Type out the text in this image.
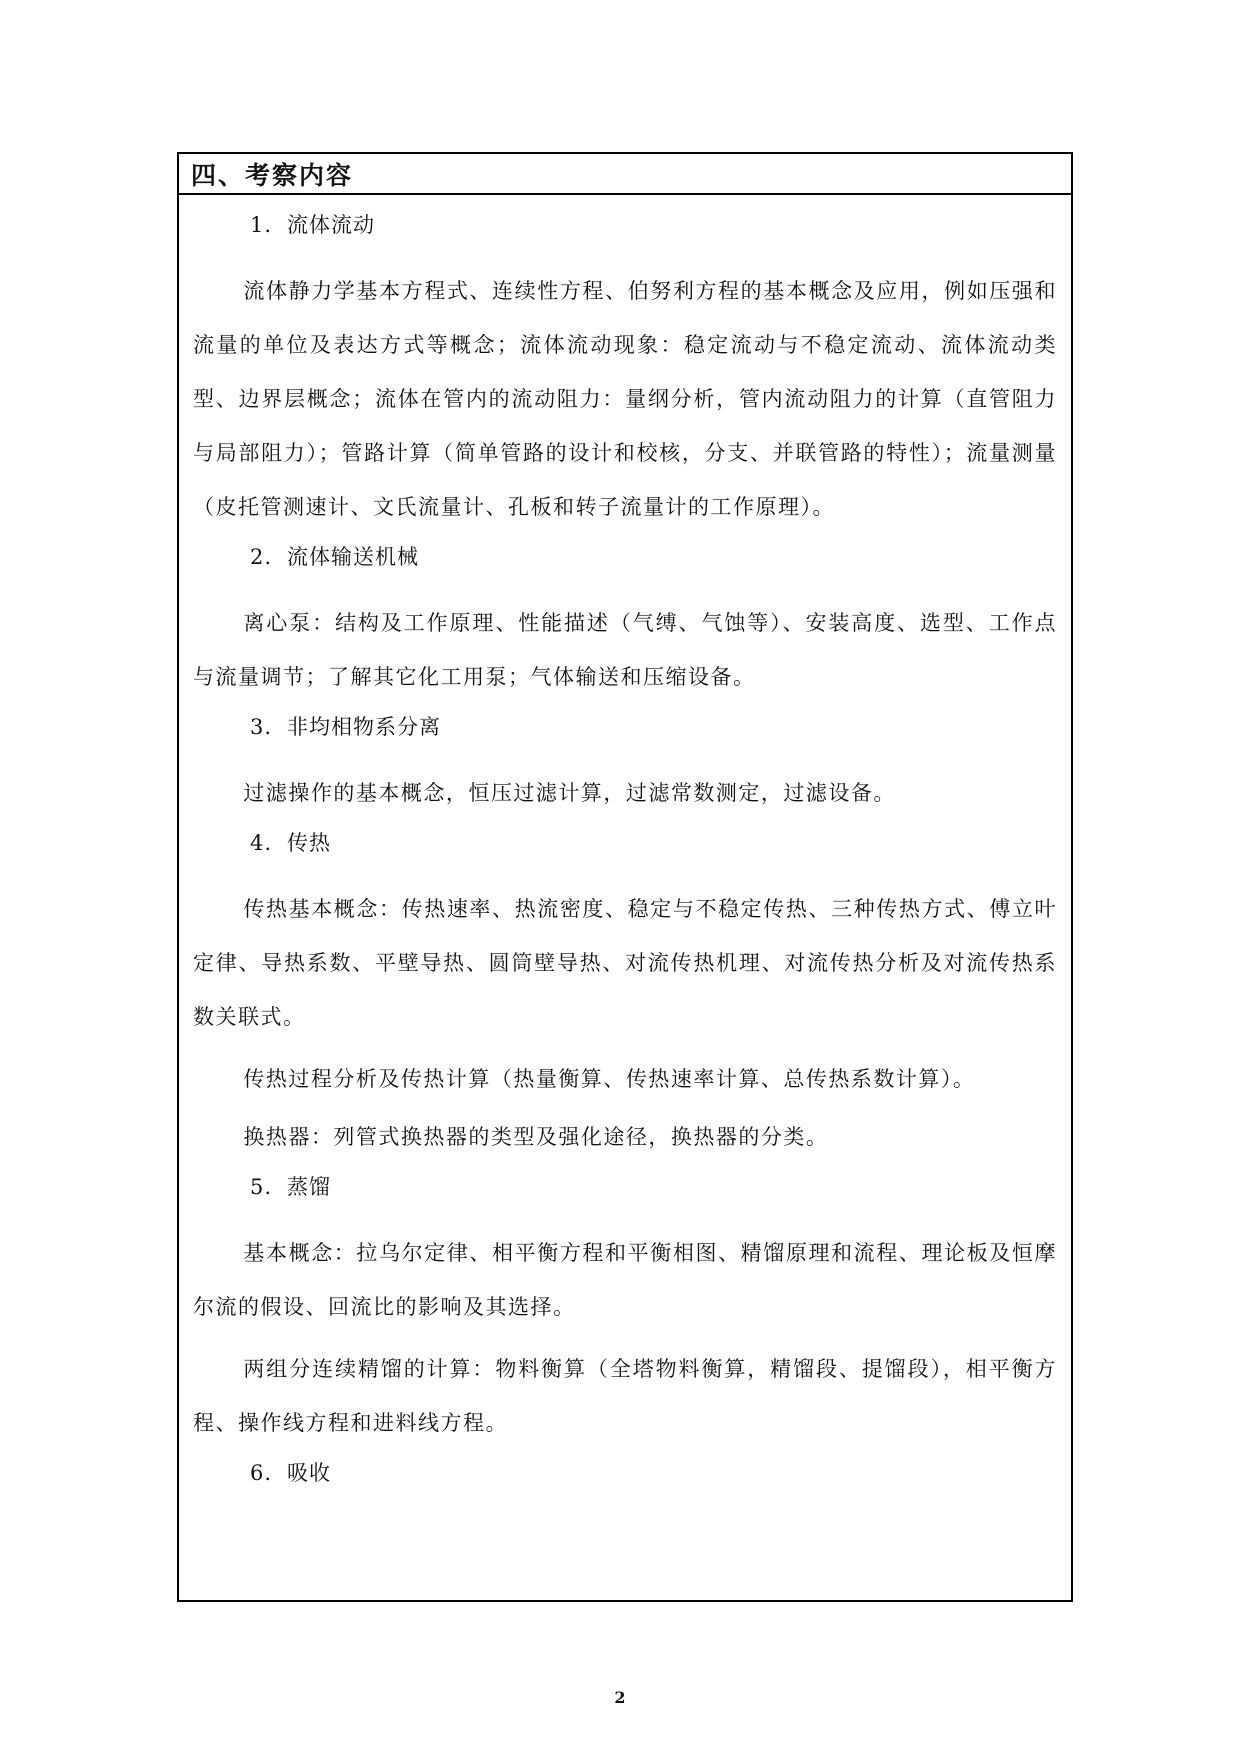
四、考察内容
1. 流体流动

流体静力学基本方程式、连续性方程、伯努利方程的基本概念及应用，例如压强和流量的单位及表达方式等概念；流体流动现象：稳定流动与不稳定流动、流体流动类型、边界层概念；流体在管内的流动阻力：量纲分析，管内流动阻力的计算（直管阻力与局部阻力）；管路计算（简单管路的设计和校核，分支、并联管路的特性）；流量测量（皮托管测速计、文氏流量计、孔板和转子流量计的工作原理）。

2. 流体输送机械

离心泵：结构及工作原理、性能描述（气缚、气蚀等）、安装高度、选型、工作点与流量调节；了解其它化工用泵；气体输送和压缩设备。

3. 非均相物系分离

过滤操作的基本概念，恒压过滤计算，过滤常数测定，过滤设备。

4. 传热

传热基本概念：传热速率、热流密度、稳定与不稳定传热、三种传热方式、傅立叶定律、导热系数、平壁导热、圆筒壁导热、对流传热机理、对流传热分析及对流传热系数关联式。

传热过程分析及传热计算（热量衡算、传热速率计算、总传热系数计算）。

换热器：列管式换热器的类型及强化途径，换热器的分类。

5. 蒸馏

基本概念：拉乌尔定律、相平衡方程和平衡相图、精馏原理和流程、理论板及恒摩尔流的假设、回流比的影响及其选择。

两组分连续精馏的计算：物料衡算（全塔物料衡算，精馏段、提馏段），相平衡方程、操作线方程和进料线方程。

6. 吸收
2
